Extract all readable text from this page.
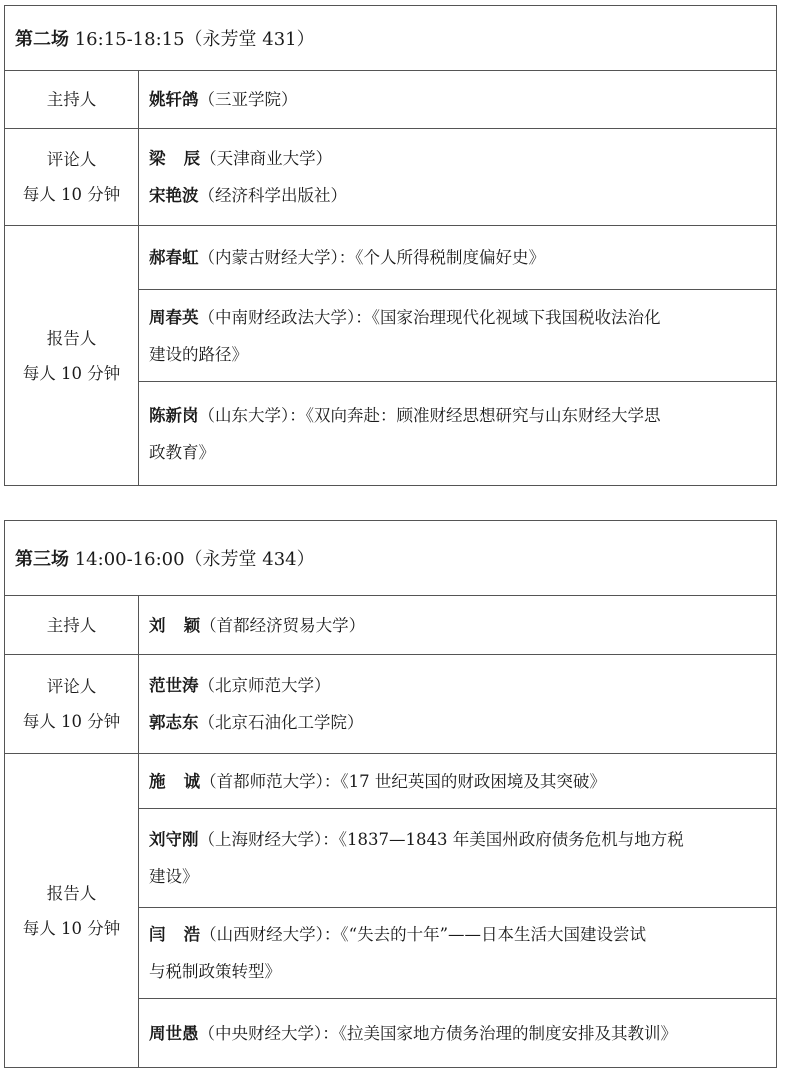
第二场 16:15-18:15（永芳堂 431）	
主持人	姚轩鸽（三亚学院）

评论人
每人 10 分钟	梁 辰（天津商业大学）
宋艳波（经济科学出版社）

报告人
每人 10 分钟	郝春虹（内蒙古财经大学）：《个人所得税制度偏好史》

	周春英（中南财经政法大学）：《国家治理现代化视域下我国税收法治化
建设的路径》

	陈新岗（山东大学）：《双向奔赴：顾准财经思想研究与山东财经大学思
政教育》
第三场 14:00-16:00（永芳堂 434）	
主持人	刘 颖（首都经济贸易大学）

评论人
每人 10 分钟	范世涛（北京师范大学）
郭志东（北京石油化工学院）

报告人
每人 10 分钟	施 诚（首都师范大学）：《17 世纪英国的财政困境及其突破》

	刘守刚（上海财经大学）：《1837—1843 年美国州政府债务危机与地方税
建设》

	闫 浩（山西财经大学）：《“失去的十年”——日本生活大国建设尝试
与税制政策转型》

	周世愚（中央财经大学）：《拉美国家地方债务治理的制度安排及其教训》
